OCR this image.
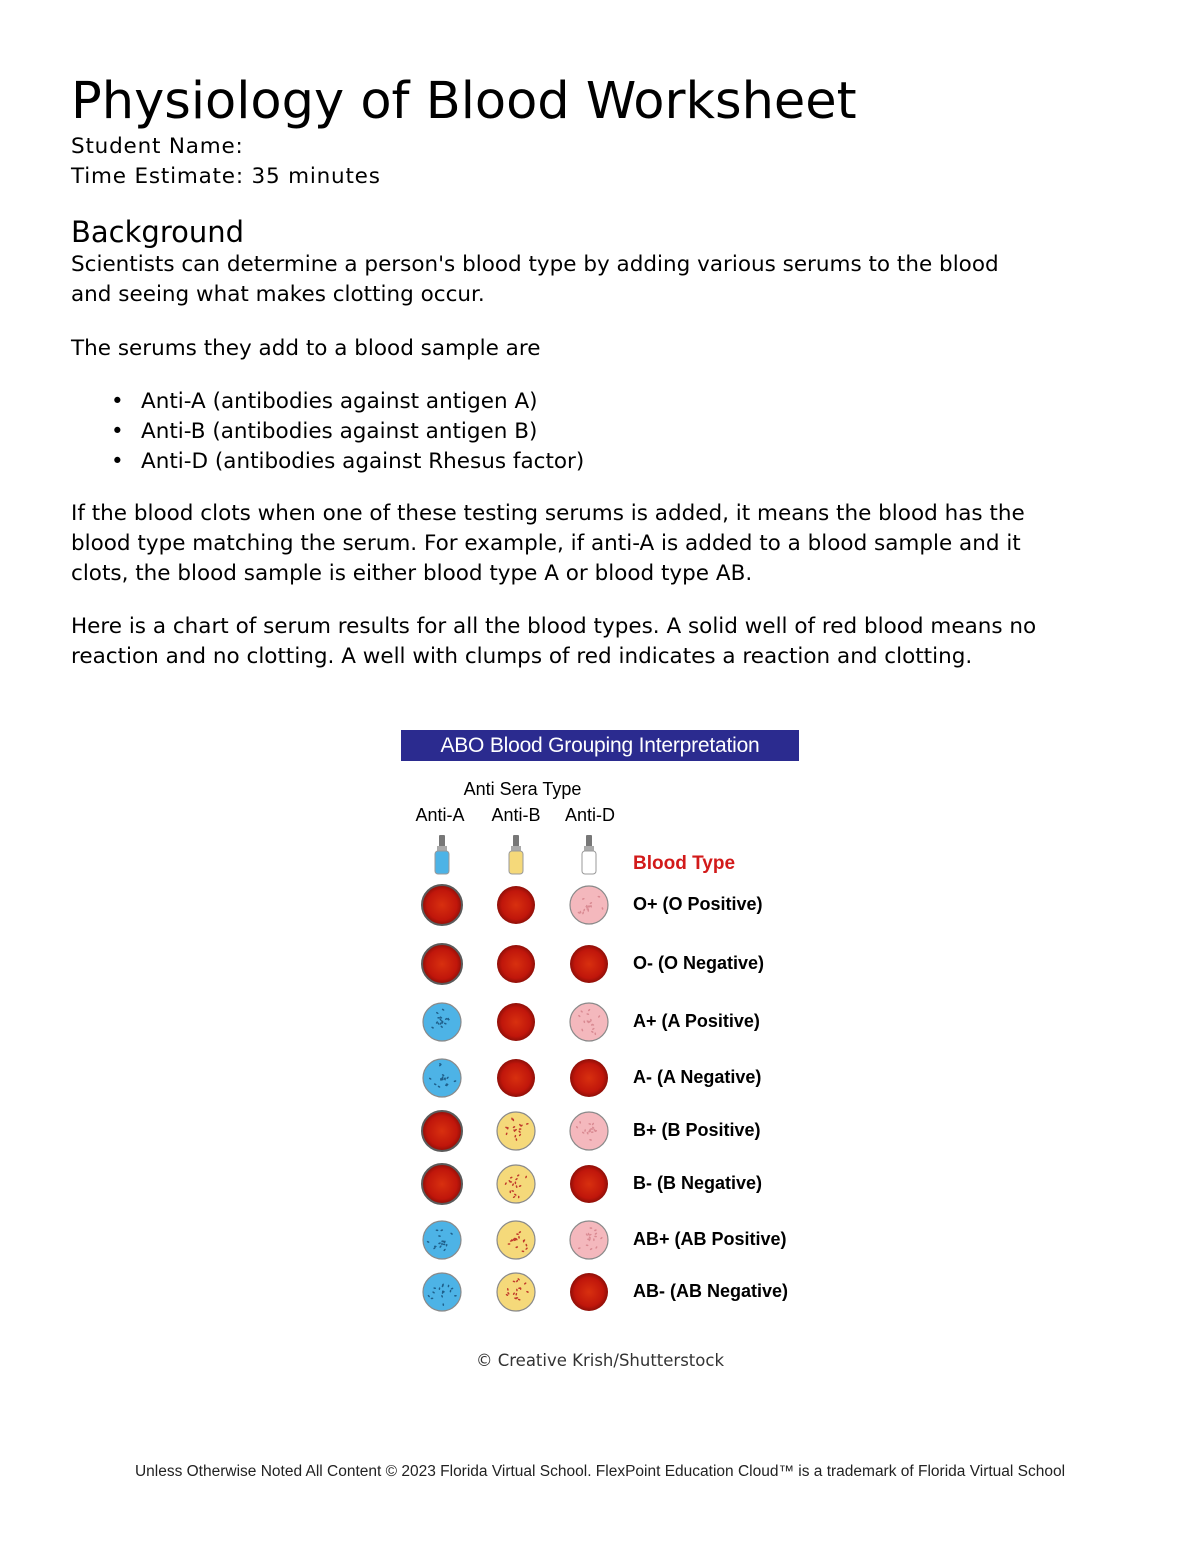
Physiology of Blood Worksheet
Student Name:
Time Estimate: 35 minutes
Background

Scientists can determine a person's blood type by adding various serums to the blood

and seeing what makes clotting occur.

The serums they add to a blood sample are

• Anti-A (antibodies against antigen A)
• Anti-B (antibodies against antigen B)
• Anti-D (antibodies against Rhesus factor)

If the blood clots when one of these testing serums is added, it means the blood has the

blood type matching the serum. For example, if anti-A is added to a blood sample and it

clots, the blood sample is either blood type A or blood type AB.

Here is a chart of serum results for all the blood types. A solid well of red blood means no

reaction and no clotting. A well with clumps of red indicates a reaction and clotting.

ABO Blood Grouping Interpretation
Anti Sera Type
Anti-A	Anti-B	Anti-D
Blood Type
O+ (O Positive)
O- (O Negative)
A+ (A Positive)
A- (A Negative)
B+ (B Positive)
B- (B Negative)
AB+ (AB Positive)
AB- (AB Negative)
© Creative Krish/Shutterstock
Unless Otherwise Noted All Content © 2023 Florida Virtual School. FlexPoint Education Cloud™ is a trademark of Florida Virtual School
